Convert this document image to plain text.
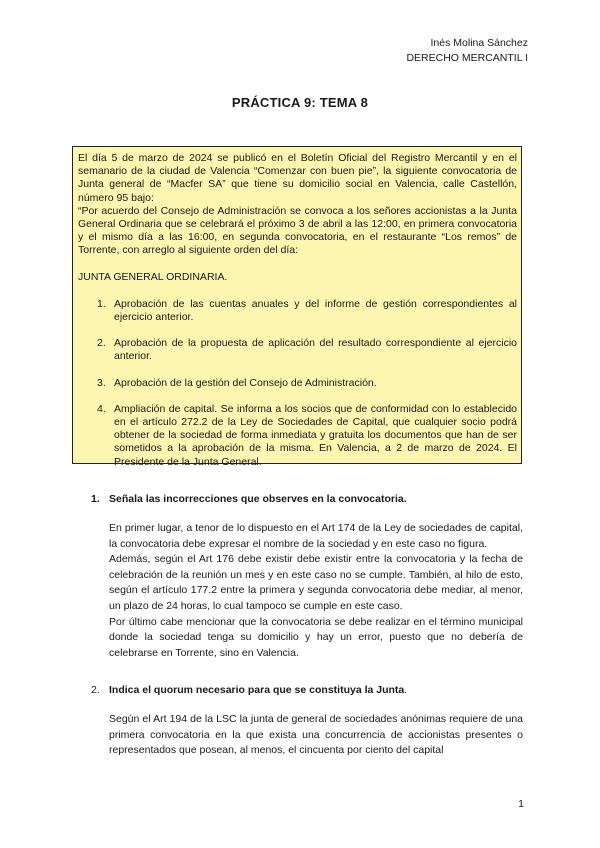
Inés Molina Sánchez
DERECHO MERCANTIL I
PRÁCTICA 9: TEMA 8

El día 5 de marzo de 2024 se publicó en el Boletín Oficial del Registro Mercantil y en el semanario de la ciudad de Valencia “Comenzar con buen pie”, la siguiente convocatoria de Junta general de “Macfer SA” que tiene su domicilio social en Valencia, calle Castellón, número 95 bajo:

“Por acuerdo del Consejo de Administración se convoca a los señores accionistas a la Junta General Ordinaria que se celebrará el próximo 3 de abril a las 12:00, en primera convocatoria y el mismo día a las 16:00, en segunda convocatoria, en el restaurante “Los remos” de Torrente, con arreglo al siguiente orden del día:

JUNTA GENERAL ORDINARIA.

1. Aprobación de las cuentas anuales y del informe de gestión correspondientes al ejercicio anterior.
2. Aprobación de la propuesta de aplicación del resultado correspondiente al ejercicio anterior.
3. Aprobación de la gestión del Consejo de Administración.
4. Ampliación de capital. Se informa a los socios que de conformidad con lo establecido en el artículo 272.2 de la Ley de Sociedades de Capital, que cualquier socio podrá obtener de la sociedad de forma inmediata y gratuita los documentos que han de ser sometidos a la aprobación de la misma. En Valencia, a 2 de marzo de 2024. El Presidente de la Junta General.
1. Señala las incorrecciones que observes en la convocatoria.

En primer lugar, a tenor de lo dispuesto en el Art 174 de la Ley de sociedades de capital, la convocatoria debe expresar el nombre de la sociedad y en este caso no figura.

Además, según el Art 176 debe existir debe existir entre la convocatoria y la fecha de celebración de la reunión un mes y en este caso no se cumple. También, al hilo de esto, según el artículo 177.2 entre la primera y segunda convocatoria debe mediar, al menor, un plazo de 24 horas, lo cual tampoco se cumple en este caso.

Por último cabe mencionar que la convocatoria se debe realizar en el término municipal donde la sociedad tenga su domicilio y hay un error, puesto que no debería de celebrarse en Torrente, sino en Valencia.

2. Indica el quorum necesario para que se constituya la Junta.

Según el Art 194 de la LSC la junta de general de sociedades anónimas requiere de una primera convocatoria en la que exista una concurrencia de accionistas presentes o representados que posean, al menos, el cincuenta por ciento del capital

1
